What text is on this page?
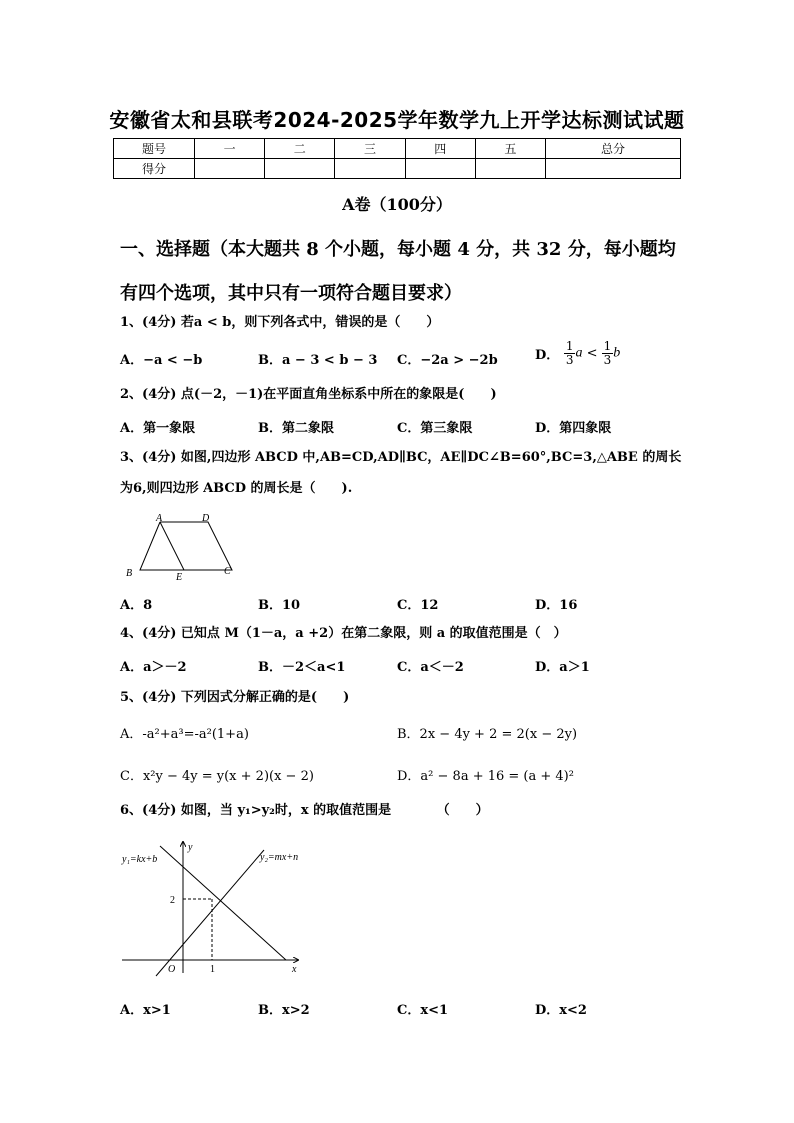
安徽省太和县联考2024-2025学年数学九上开学达标测试试题
题号	一	二	三	四	五	总分
得分						
A卷（100分）
一、选择题（本大题共 8 个小题，每小题 4 分，共 32 分，每小题均
有四个选项，其中只有一项符合题目要求）
1、(4分) 若a < b，则下列各式中，错误的是（　　）
A．−a < −b	B．a − 3 < b − 3 C．−2a > −2b	D． $\frac{1}{3}$ $a < \frac{1}{3}$ b
2、(4分) 点(－2，－1)在平面直角坐标系中所在的象限是(　　)
A．第一象限	B．第二象限	C．第三象限	D．第四象限
3、(4分) 如图,四边形 ABCD 中,AB=CD,AD∥BC，AE∥DC∠B=60°,BC=3,△ABE 的周长
为6,则四边形 ABCD 的周长是（　　).
A	D
B	E
C
A．8	B．10	C．12	D．16
4、(4分) 已知点 M（1－a，a +2）在第二象限，则 a 的取值范围是（　）
A．a＞－2	B．－2＜a<1	C．a＜－2	D．a＞1
5、(4分) 下列因式分解正确的是(　　)
A．-a²+a³=-a²(1+a)	B．2x − 4y + 2 = 2(x − 2y)
C．x²y − 4y = y(x + 2)(x − 2)	D．a² − 8a + 16 = (a + 4)²
6、(4分) 如图，当 y₁>y₂时，x 的取值范围是　　　　（　　）
y₁=kx+b	y₂=mx+n
y
x
O	1
2
A．x>1	B．x>2	C．x<1	D．x<2
